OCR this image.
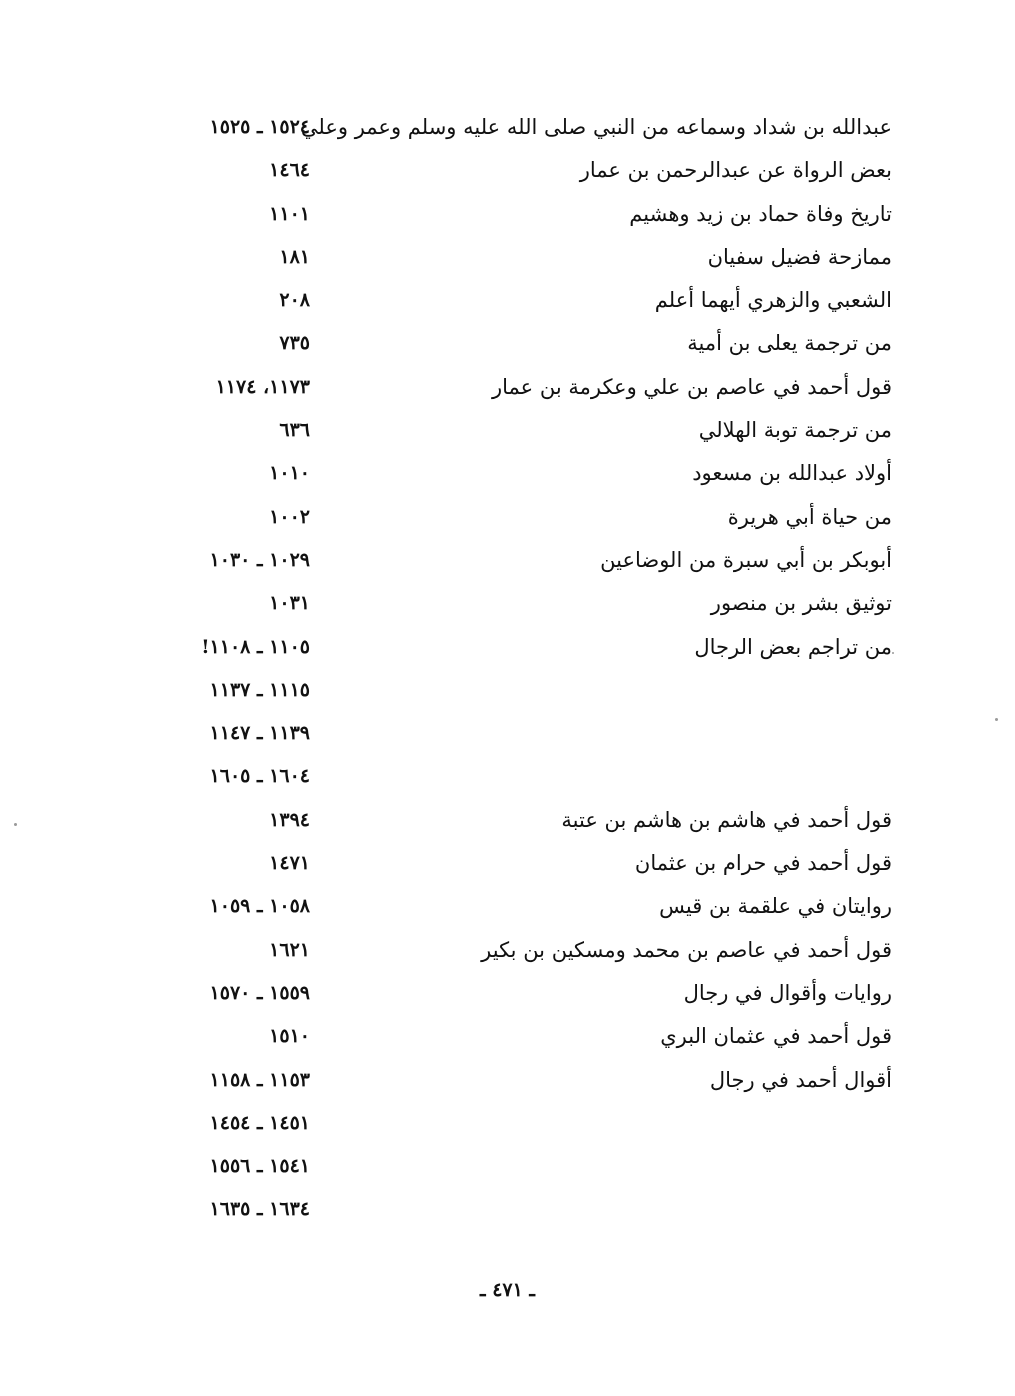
عبدالله بن شداد وسماعه من النبي صلى الله عليه وسلم وعمر وعلي
١٥٢٤ ـ ١٥٢٥
بعض الرواة عن عبدالرحمن بن عمار
١٤٦٤
تاريخ وفاة حماد بن زيد وهشيم
١١٠١
ممازحة فضيل سفيان
١٨١
الشعبي والزهري أيهما أعلم
٢٠٨
من ترجمة يعلى بن أمية
٧٣٥
قول أحمد في عاصم بن علي وعكرمة بن عمار
١١٧٣، ١١٧٤
من ترجمة توبة الهلالي
٦٣٦
أولاد عبدالله بن مسعود
١٠١٠
من حياة أبي هريرة
١٠٠٢
أبوبكر بن أبي سبرة من الوضاعين
١٠٢٩ ـ ١٠٣٠
توثيق بشر بن منصور
١٠٣١
من تراجم بعض الرجال
١١٠٥ ـ ١١٠٨!
١١١٥ ـ ١١٣٧
١١٣٩ ـ ١١٤٧
١٦٠٤ ـ ١٦٠٥
قول أحمد في هاشم بن هاشم بن عتبة
١٣٩٤
قول أحمد في حرام بن عثمان
١٤٧١
روايتان في علقمة بن قيس
١٠٥٨ ـ ١٠٥٩
قول أحمد في عاصم بن محمد ومسكين بن بكير
١٦٢١
روايات وأقوال في رجال
١٥٥٩ ـ ١٥٧٠
قول أحمد في عثمان البري
١٥١٠
أقوال أحمد في رجال
١١٥٣ ـ ١١٥٨
١٤٥١ ـ ١٤٥٤
١٥٤١ ـ ١٥٥٦
١٦٣٤ ـ ١٦٣٥
ـ ٤٧١ ـ
